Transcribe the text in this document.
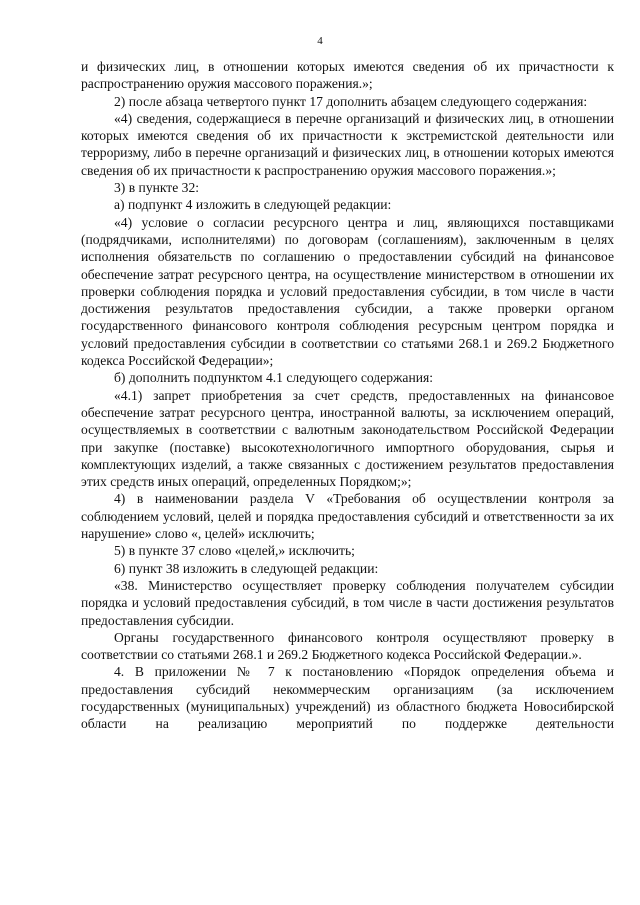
4

и физических лиц, в отношении которых имеются сведения об их причастности к распространению оружия массового поражения.»;

2) после абзаца четвертого пункт 17 дополнить абзацем следующего содержания:

«4) сведения, содержащиеся в перечне организаций и физических лиц, в отношении которых имеются сведения об их причастности к экстремистской деятельности или терроризму, либо в перечне организаций и физических лиц, в отношении которых имеются сведения об их причастности к распространению оружия массового поражения.»;

3) в пункте 32:

а) подпункт 4 изложить в следующей редакции:

«4) условие о согласии ресурсного центра и лиц, являющихся поставщиками (подрядчиками, исполнителями) по договорам (соглашениям), заключенным в целях исполнения обязательств по соглашению о предоставлении субсидий на финансовое обеспечение затрат ресурсного центра, на осуществление министерством в отношении их проверки соблюдения порядка и условий предоставления субсидии, в том числе в части достижения результатов предоставления субсидии, а также проверки органом государственного финансового контроля соблюдения ресурсным центром порядка и условий предоставления субсидии в соответствии со статьями 268.1 и 269.2 Бюджетного кодекса Российской Федерации»;

б) дополнить подпунктом 4.1 следующего содержания:

«4.1) запрет приобретения за счет средств, предоставленных на финансовое обеспечение затрат ресурсного центра, иностранной валюты, за исключением операций, осуществляемых в соответствии с валютным законодательством Российской Федерации при закупке (поставке) высокотехнологичного импортного оборудования, сырья и комплектующих изделий, а также связанных с достижением результатов предоставления этих средств иных операций, определенных Порядком;»;

4) в наименовании раздела V «Требования об осуществлении контроля за соблюдением условий, целей и порядка предоставления субсидий и ответственности за их нарушение» слово «, целей» исключить;

5) в пункте 37 слово «целей,» исключить;

6) пункт 38 изложить в следующей редакции:

«38. Министерство осуществляет проверку соблюдения получателем субсидии порядка и условий предоставления субсидий, в том числе в части достижения результатов предоставления субсидии.

Органы государственного финансового контроля осуществляют проверку в соответствии со статьями 268.1 и 269.2 Бюджетного кодекса Российской Федерации.».

4. В приложении № 7 к постановлению «Порядок определения объема и предоставления субсидий некоммерческим организациям (за исключением государственных (муниципальных) учреждений) из областного бюджета Новосибирской области на реализацию мероприятий по поддержке деятельности
